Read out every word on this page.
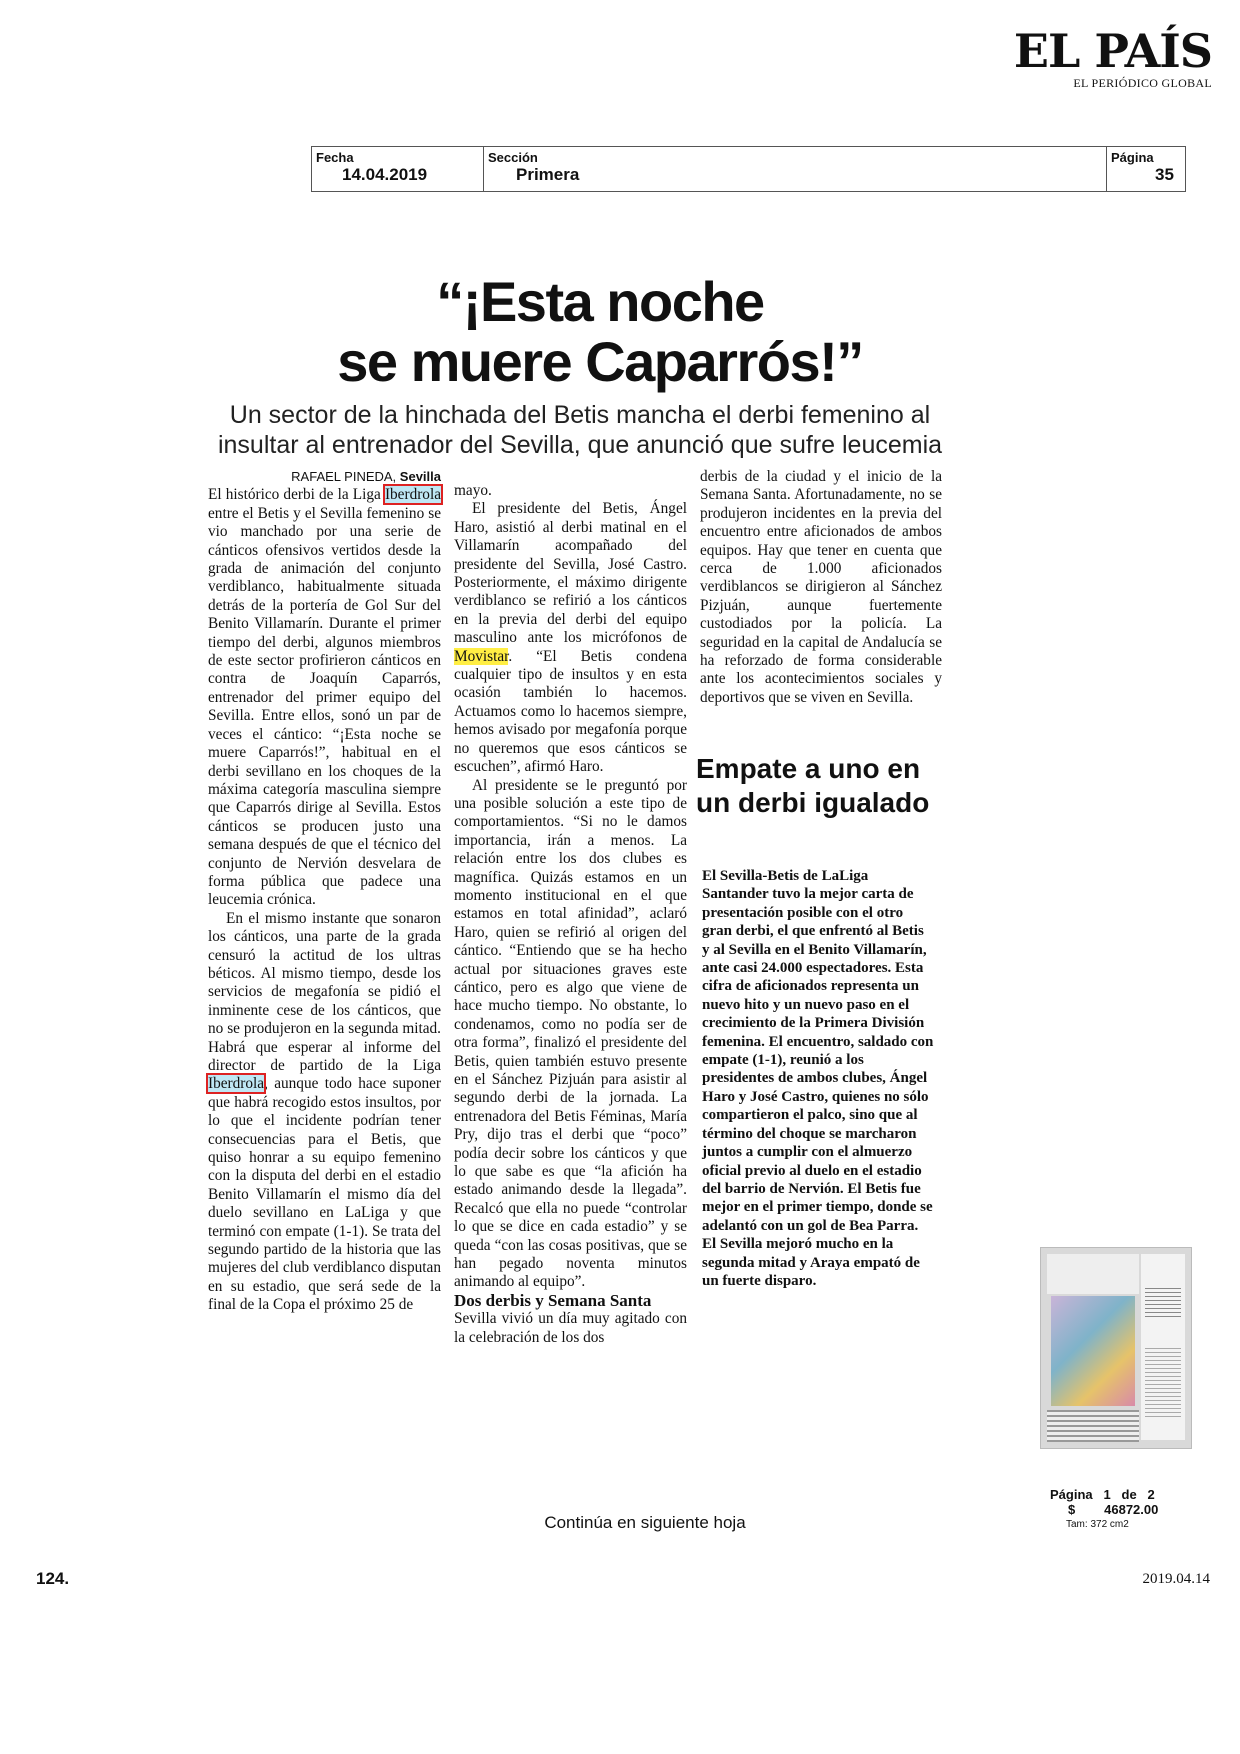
EL PAÍS
EL PERIÓDICO GLOBAL
Fecha
14.04.2019
Sección
Primera
Página
35
“¡Esta noche
se muere Caparrós!”
Un sector de la hinchada del Betis mancha el derbi femenino al insultar al entrenador del Sevilla, que anunció que sufre leucemia
RAFAEL PINEDA, Sevilla

El histórico derbi de la Liga Iberdrola entre el Betis y el Sevilla femenino se vio manchado por una serie de cánticos ofensivos vertidos desde la grada de animación del conjunto verdiblanco, habitualmente situada detrás de la portería de Gol Sur del Benito Villamarín. Durante el primer tiempo del derbi, algunos miembros de este sector profirieron cánticos en contra de Joaquín Caparrós, entrenador del primer equipo del Sevilla. Entre ellos, sonó un par de veces el cántico: “¡Esta noche se muere Caparrós!”, habitual en el derbi sevillano en los choques de la máxima categoría masculina siempre que Caparrós dirige al Sevilla. Estos cánticos se producen justo una semana después de que el técnico del conjunto de Nervión desvelara de forma pública que padece una leucemia crónica.

En el mismo instante que sonaron los cánticos, una parte de la grada censuró la actitud de los ultras béticos. Al mismo tiempo, desde los servicios de megafonía se pidió el inminente cese de los cánticos, que no se produjeron en la segunda mitad. Habrá que esperar al informe del director de partido de la Liga Iberdrola, aunque todo hace suponer que habrá recogido estos insultos, por lo que el incidente podrían tener consecuencias para el Betis, que quiso honrar a su equipo femenino con la disputa del derbi en el estadio Benito Villamarín el mismo día del duelo sevillano en LaLiga y que terminó con empate (1-1). Se trata del segundo partido de la historia que las mujeres del club verdiblanco disputan en su estadio, que será sede de la final de la Copa el próximo 25 de

mayo.

El presidente del Betis, Ángel Haro, asistió al derbi matinal en el Villamarín acompañado del presidente del Sevilla, José Castro. Posteriormente, el máximo dirigente verdiblanco se refirió a los cánticos en la previa del derbi del equipo masculino ante los micrófonos de Movistar. “El Betis condena cualquier tipo de insultos y en esta ocasión también lo hacemos. Actuamos como lo hacemos siempre, hemos avisado por megafonía porque no queremos que esos cánticos se escuchen”, afirmó Haro.

Al presidente se le preguntó por una posible solución a este tipo de comportamientos. “Si no le damos importancia, irán a menos. La relación entre los dos clubes es magnífica. Quizás estamos en un momento institucional en el que estamos en total afinidad”, aclaró Haro, quien se refirió al origen del cántico. “Entiendo que se ha hecho actual por situaciones graves este cántico, pero es algo que viene de hace mucho tiempo. No obstante, lo condenamos, como no podía ser de otra forma”, finalizó el presidente del Betis, quien también estuvo presente en el Sánchez Pizjuán para asistir al segundo derbi de la jornada. La entrenadora del Betis Féminas, María Pry, dijo tras el derbi que “poco” podía decir sobre los cánticos y que lo que sabe es que “la afición ha estado animando desde la llegada”. Recalcó que ella no puede “controlar lo que se dice en cada estadio” y se queda “con las cosas positivas, que se han pegado noventa minutos animando al equipo”.

Dos derbis y Semana Santa

Sevilla vivió un día muy agitado con la celebración de los dos

derbis de la ciudad y el inicio de la Semana Santa. Afortunadamente, no se produjeron incidentes en la previa del encuentro entre aficionados de ambos equipos. Hay que tener en cuenta que cerca de 1.000 aficionados verdiblancos se dirigieron al Sánchez Pizjuán, aunque fuertemente custodiados por la policía. La seguridad en la capital de Andalucía se ha reforzado de forma considerable ante los acontecimientos sociales y deportivos que se viven en Sevilla.

Empate a uno en un derbi igualado
El Sevilla-Betis de LaLiga Santander tuvo la mejor carta de presentación posible con el otro gran derbi, el que enfrentó al Betis y al Sevilla en el Benito Villamarín, ante casi 24.000 espectadores. Esta cifra de aficionados representa un nuevo hito y un nuevo paso en el crecimiento de la Primera División femenina. El encuentro, saldado con empate (1-1), reunió a los presidentes de ambos clubes, Ángel Haro y José Castro, quienes no sólo compartieron el palco, sino que al término del choque se marcharon juntos a cumplir con el almuerzo oficial previo al duelo en el estadio del barrio de Nervión. El Betis fue mejor en el primer tiempo, donde se adelantó con un gol de Bea Parra. El Sevilla mejoró mucho en la segunda mitad y Araya empató de un fuerte disparo.
Página   1   de   2
$        46872.00
Tam: 372 cm2
Continúa en siguiente hoja
124.	2019.04.14
